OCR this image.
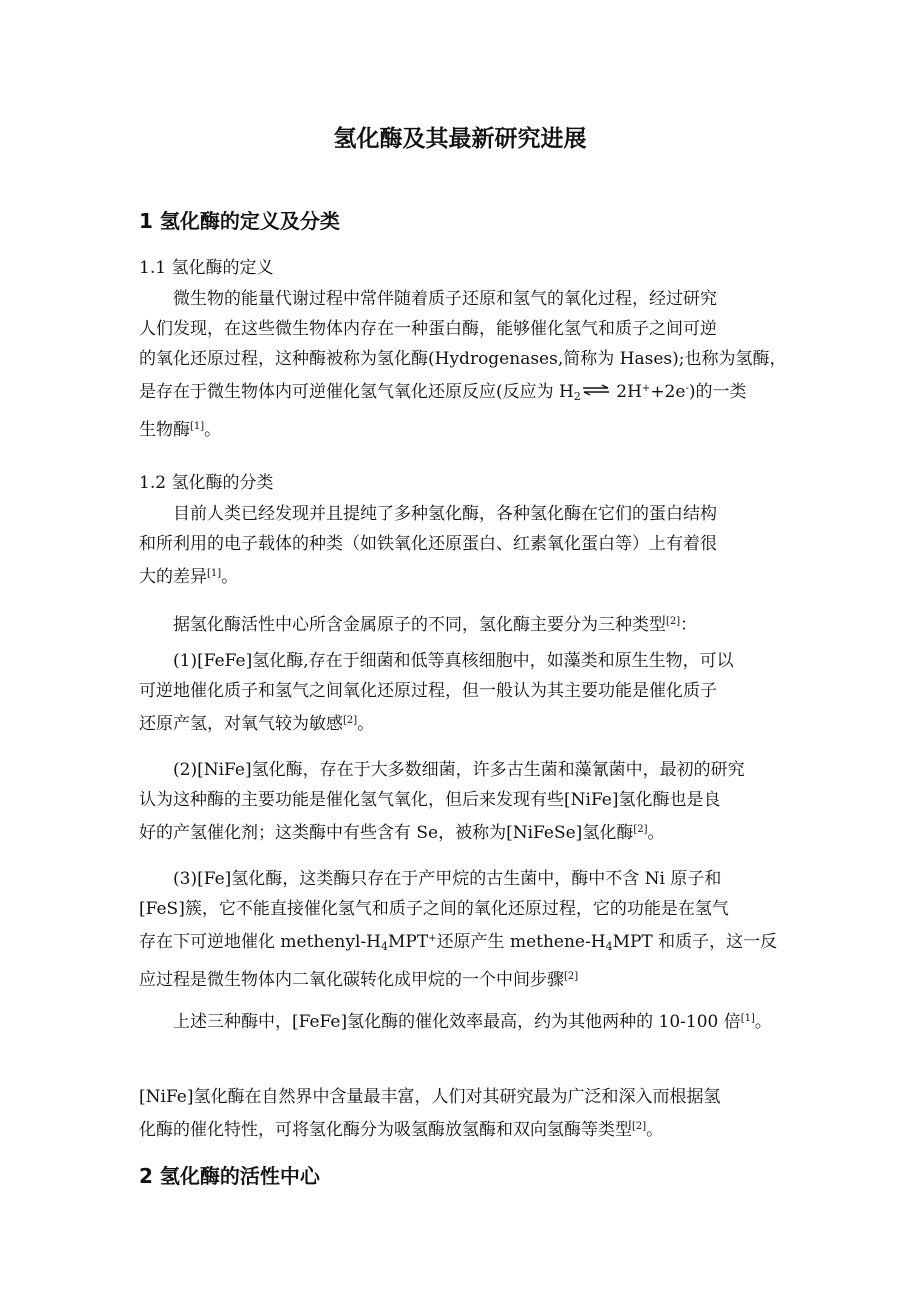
氢化酶及其最新研究进展
1 氢化酶的定义及分类
1.1 氢化酶的定义
微生物的能量代谢过程中常伴随着质子还原和氢气的氧化过程，经过研究
人们发现，在这些微生物体内存在一种蛋白酶，能够催化氢气和质子之间可逆
的氧化还原过程，这种酶被称为氢化酶(Hydrogenases,简称为 Hases);也称为氢酶，
是存在于微生物体内可逆催化氢气氧化还原反应(反应为 $H_2\rightleftharpoons$ 2H++2e-)的一类
生物酶[1]。
1.2 氢化酶的分类
目前人类已经发现并且提纯了多种氢化酶，各种氢化酶在它们的蛋白结构
和所利用的电子载体的种类（如铁氧化还原蛋白、红素氧化蛋白等）上有着很
大的差异[1]。
据氢化酶活性中心所含金属原子的不同，氢化酶主要分为三种类型[2]：
(1)[FeFe]氢化酶,存在于细菌和低等真核细胞中，如藻类和原生生物，可以
可逆地催化质子和氢气之间氧化还原过程，但一般认为其主要功能是催化质子
还原产氢，对氧气较为敏感[2]。
(2)[NiFe]氢化酶，存在于大多数细菌，许多古生菌和藻氰菌中，最初的研究
认为这种酶的主要功能是催化氢气氧化，但后来发现有些[NiFe]氢化酶也是良
好的产氢催化剂；这类酶中有些含有 Se，被称为[NiFeSe]氢化酶[2]。
(3)[Fe]氢化酶，这类酶只存在于产甲烷的古生菌中，酶中不含 Ni 原子和
[FeS]簇，它不能直接催化氢气和质子之间的氧化还原过程，它的功能是在氢气
存在下可逆地催化 methenyl-$H_4MPT^+$还原产生 methene-$H_4MPT$ 和质子，这一反
应过程是微生物体内二氧化碳转化成甲烷的一个中间步骤[2]
上述三种酶中，[FeFe]氢化酶的催化效率最高，约为其他两种的 10-100 倍[1]。
[NiFe]氢化酶在自然界中含量最丰富，人们对其研究最为广泛和深入而根据氢
化酶的催化特性，可将氢化酶分为吸氢酶放氢酶和双向氢酶等类型[2]。
2 氢化酶的活性中心
